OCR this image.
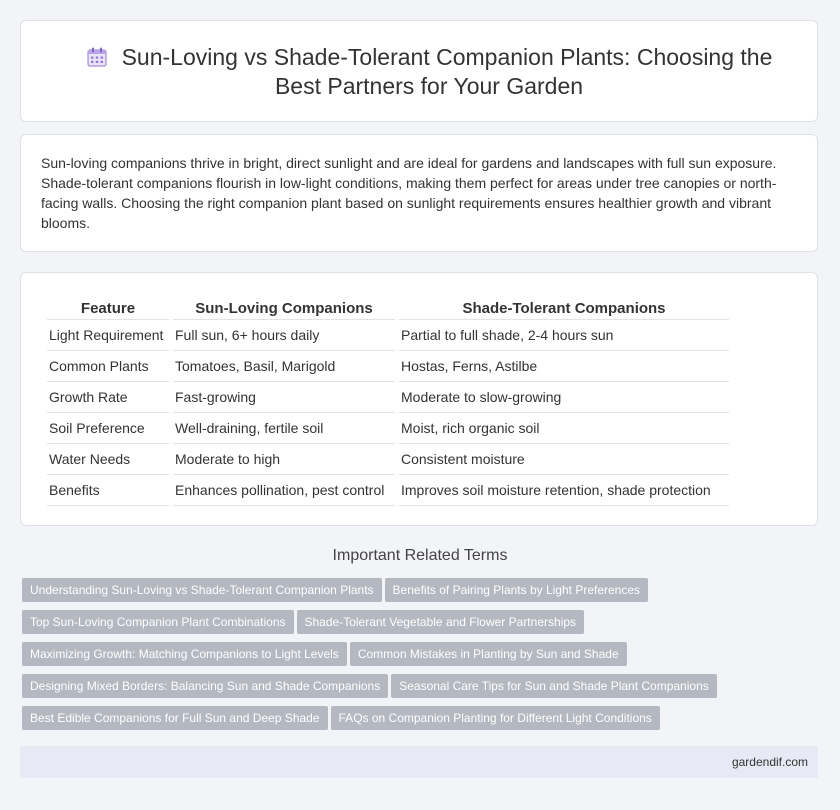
Sun-Loving vs Shade-Tolerant Companion Plants: Choosing the Best Partners for Your Garden

Sun-loving companions thrive in bright, direct sunlight and are ideal for gardens and landscapes with full sun exposure. Shade-tolerant companions flourish in low-light conditions, making them perfect for areas under tree canopies or north-facing walls. Choosing the right companion plant based on sunlight requirements ensures healthier growth and vibrant blooms.

Feature	Sun-Loving Companions	Shade-Tolerant Companions
Light Requirement	Full sun, 6+ hours daily	Partial to full shade, 2-4 hours sun
Common Plants	Tomatoes, Basil, Marigold	Hostas, Ferns, Astilbe
Growth Rate	Fast-growing	Moderate to slow-growing
Soil Preference	Well-draining, fertile soil	Moist, rich organic soil
Water Needs	Moderate to high	Consistent moisture
Benefits	Enhances pollination, pest control	Improves soil moisture retention, shade protection
Important Related Terms
Understanding Sun-Loving vs Shade-Tolerant Companion Plants Benefits of Pairing Plants by Light Preferences
Top Sun-Loving Companion Plant Combinations Shade-Tolerant Vegetable and Flower Partnerships
Maximizing Growth: Matching Companions to Light Levels Common Mistakes in Planting by Sun and Shade
Designing Mixed Borders: Balancing Sun and Shade Companions Seasonal Care Tips for Sun and Shade Plant Companions
Best Edible Companions for Full Sun and Deep Shade FAQs on Companion Planting for Different Light Conditions
gardendif.com
